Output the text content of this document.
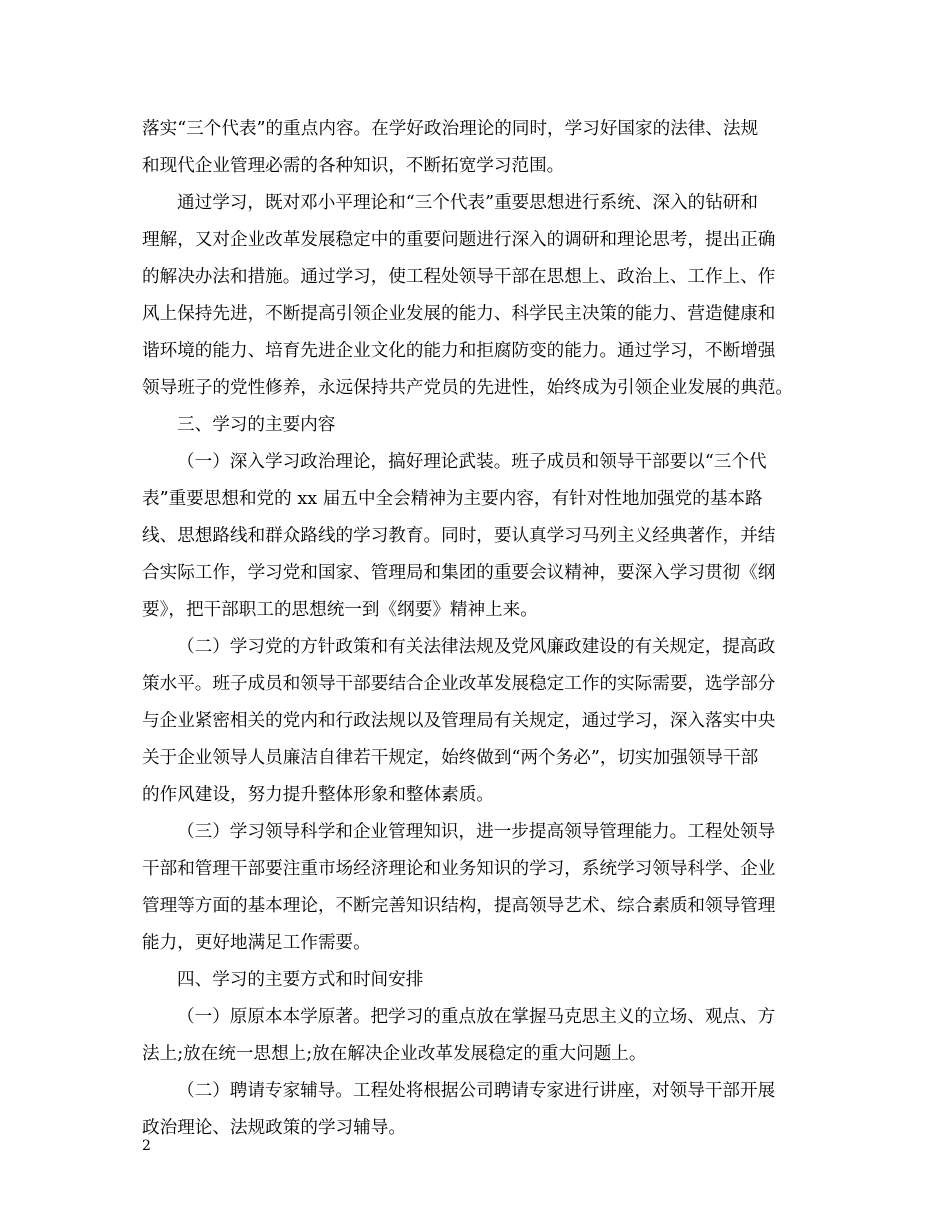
落实“三个代表”的重点内容。在学好政治理论的同时，学习好国家的法律、法规
和现代企业管理必需的各种知识，不断拓宽学习范围。
通过学习，既对邓小平理论和“三个代表”重要思想进行系统、深入的钻研和
理解，又对企业改革发展稳定中的重要问题进行深入的调研和理论思考，提出正确
的解决办法和措施。通过学习，使工程处领导干部在思想上、政治上、工作上、作
风上保持先进，不断提高引领企业发展的能力、科学民主决策的能力、营造健康和
谐环境的能力、培育先进企业文化的能力和拒腐防变的能力。通过学习，不断增强
领导班子的党性修养，永远保持共产党员的先进性，始终成为引领企业发展的典范。
三、学习的主要内容
（一）深入学习政治理论，搞好理论武装。班子成员和领导干部要以“三个代
表”重要思想和党的 xx 届五中全会精神为主要内容，有针对性地加强党的基本路
线、思想路线和群众路线的学习教育。同时，要认真学习马列主义经典著作，并结
合实际工作，学习党和国家、管理局和集团的重要会议精神，要深入学习贯彻《纲
要》，把干部职工的思想统一到《纲要》精神上来。
（二）学习党的方针政策和有关法律法规及党风廉政建设的有关规定，提高政
策水平。班子成员和领导干部要结合企业改革发展稳定工作的实际需要，选学部分
与企业紧密相关的党内和行政法规以及管理局有关规定，通过学习，深入落实中央
关于企业领导人员廉洁自律若干规定，始终做到“两个务必”，切实加强领导干部
的作风建设，努力提升整体形象和整体素质。
（三）学习领导科学和企业管理知识，进一步提高领导管理能力。工程处领导
干部和管理干部要注重市场经济理论和业务知识的学习，系统学习领导科学、企业
管理等方面的基本理论，不断完善知识结构，提高领导艺术、综合素质和领导管理
能力，更好地满足工作需要。
四、学习的主要方式和时间安排
（一）原原本本学原著。把学习的重点放在掌握马克思主义的立场、观点、方
法上;放在统一思想上;放在解决企业改革发展稳定的重大问题上。
（二）聘请专家辅导。工程处将根据公司聘请专家进行讲座，对领导干部开展
政治理论、法规政策的学习辅导。
2
